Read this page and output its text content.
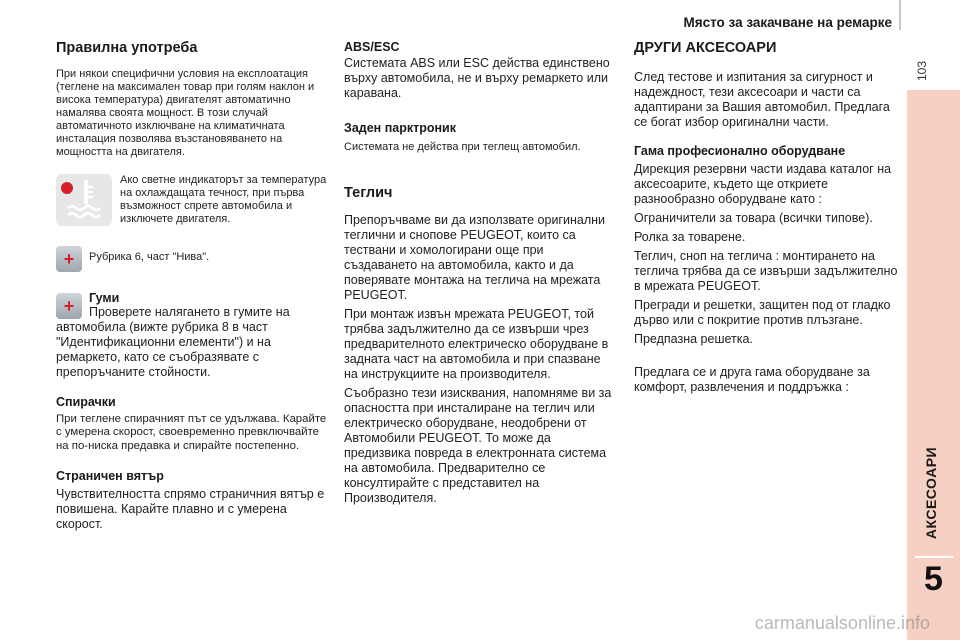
Място за закачване на ремарке
103
АКСЕСОАРИ
5
Правилна употреба

При някои специфични условия на експлоатация (теглене на максимален товар при голям наклон и висока температура) двигателят автоматично намалява своята мощност. В този случай автоматичното изключване на климатичната инсталация позволява възстановяването на мощността на двигателя.

Ако светне индикаторът за температура на охлаждащата течност, при първа възможност спрете автомобила и изключете двигателя.

+ Рубрика 6, част "Нива".

+ Гуми

Проверете налягането в гумите на автомобила (вижте рубрика 8 в част "Идентификационни елементи") и на ремаркето, като се съобразявате с препоръчаните стойности.

Спирачки

При теглене спирачният път се удължава. Карайте с умерена скорост, своевременно превключвайте на по-ниска предавка и спирайте постепенно.

Страничен вятър

Чувствителността спрямо страничния вятър е повишена. Карайте плавно и с умерена скорост.

ABS/ESC

Системата ABS или ESC действа единствено върху автомобила, не и върху ремаркето или каравана.

Заден парктроник

Системата не действа при теглещ автомобил.

Теглич

Препоръчваме ви да използвате оригинални теглични и сноповe PEUGEOT, които са тествани и хомологирани още при създаването на автомобила, както и да поверявате монтажа на теглича на мрежата PEUGEOT.

При монтаж извън мрежата PEUGEOT, той трябва задължително да се извърши чрез предварителното електрическо оборудване в задната част на автомобила и при спазване на инструкциите на производителя.

Съобразно тези изисквания, напомняме ви за опасността при инсталиране на теглич или електрическо оборудване, неодобрени от Автомобили PEUGEOT. То може да предизвика повреда в електронната система на автомобила. Предварително се консултирайте с представител на Производителя.

ДРУГИ АКСЕСОАРИ

След тестове и изпитания за сигурност и надеждност, тези аксесоари и части са адаптирани за Вашия автомобил. Предлага се богат избор оригинални части.

Гама професионално оборудване

Дирекция резервни части издава каталог на аксесоарите, където ще откриете разнообразно оборудване като :

Ограничители за товара (всички типове).

Ролка за товарене.

Теглич, сноп на теглича : монтирането на теглича трябва да се извърши задължително в мрежата PEUGEOT.

Прегради и решетки, защитен под от гладко дърво или с покритие против плъзгане.

Предпазна решетка.

Предлага се и друга гама оборудване за комфорт, развлечения и поддръжка :

carmanualsonline.info
